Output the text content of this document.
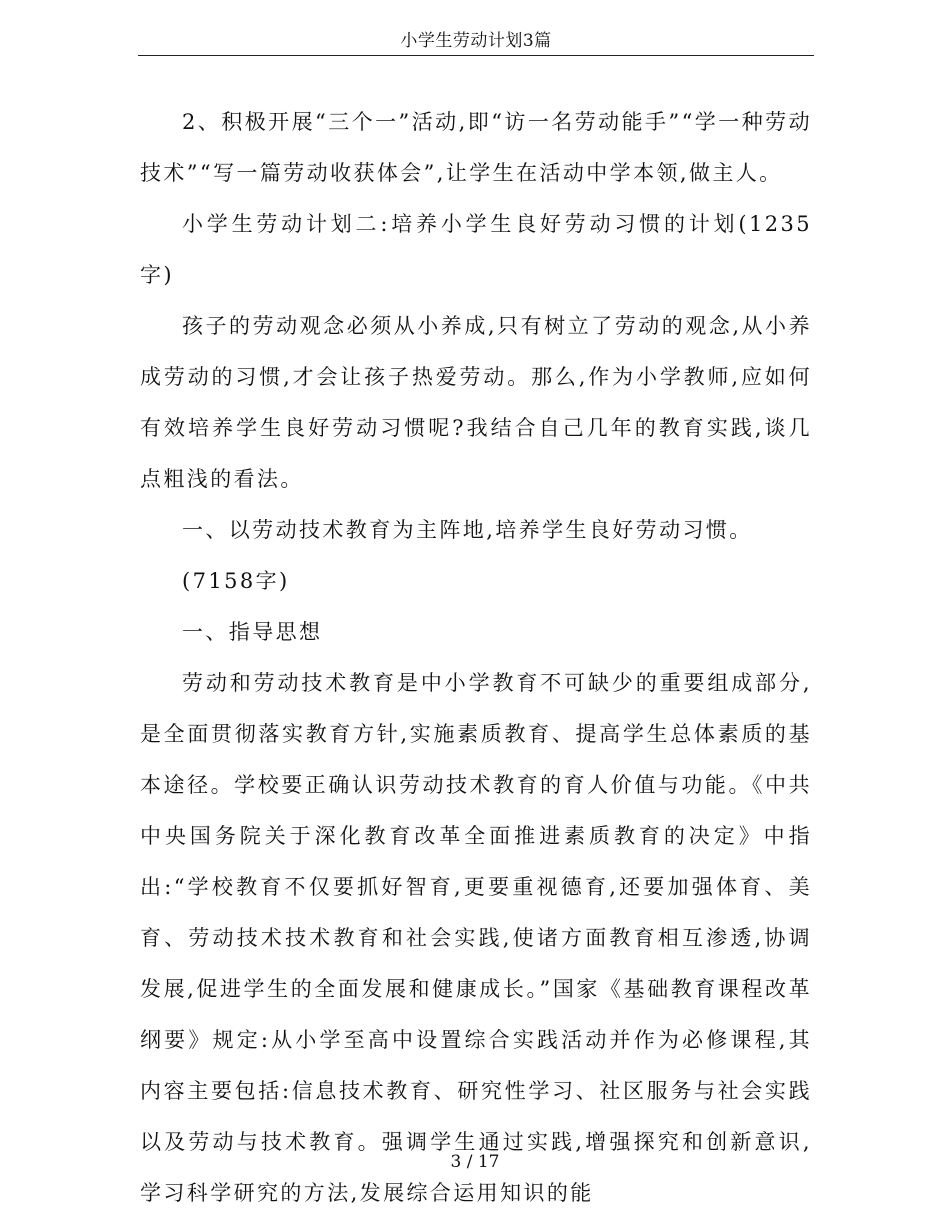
小学生劳动计划3篇

2、积极开展“三个一”活动,即“访一名劳动能手”“学一种劳动技术”“写一篇劳动收获体会”,让学生在活动中学本领,做主人。

小学生劳动计划二:培养小学生良好劳动习惯的计划(1235字)

孩子的劳动观念必须从小养成,只有树立了劳动的观念,从小养成劳动的习惯,才会让孩子热爱劳动。那么,作为小学教师,应如何有效培养学生良好劳动习惯呢?我结合自己几年的教育实践,谈几点粗浅的看法。

一、以劳动技术教育为主阵地,培养学生良好劳动习惯。

(7158字)

一、指导思想

劳动和劳动技术教育是中小学教育不可缺少的重要组成部分,是全面贯彻落实教育方针,实施素质教育、提高学生总体素质的基本途径。学校要正确认识劳动技术教育的育人价值与功能。《中共中央国务院关于深化教育改革全面推进素质教育的决定》中指出:“学校教育不仅要抓好智育,更要重视德育,还要加强体育、美育、劳动技术技术教育和社会实践,使诸方面教育相互渗透,协调发展,促进学生的全面发展和健康成长。”国家《基础教育课程改革纲要》规定:从小学至高中设置综合实践活动并作为必修课程,其内容主要包括:信息技术教育、研究性学习、社区服务与社会实践以及劳动与技术教育。强调学生通过实践,增强探究和创新意识,学习科学研究的方法,发展综合运用知识的能

3 / 17
